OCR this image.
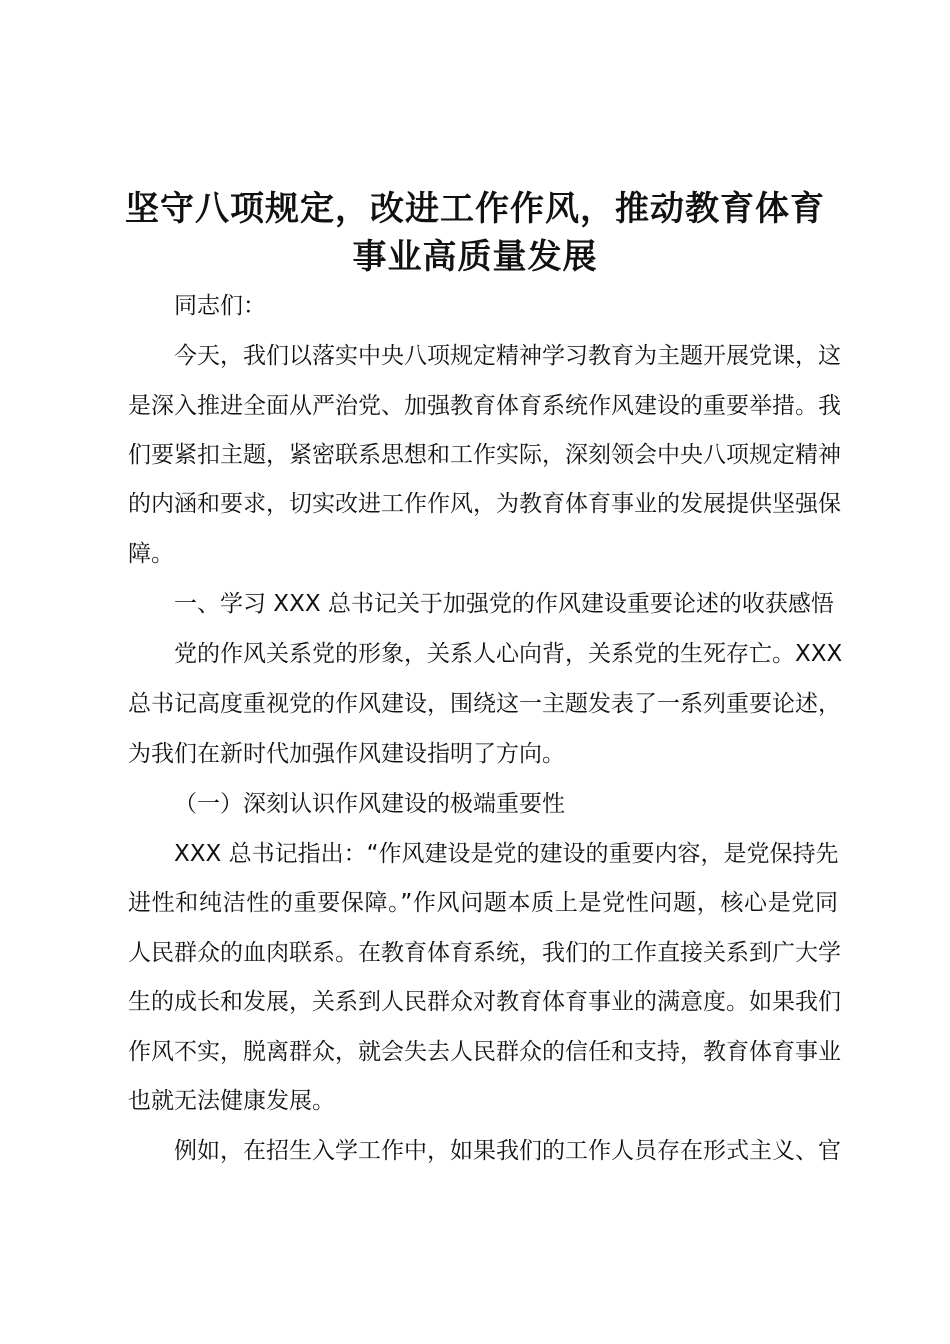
坚守八项规定，改进工作作风，推动教育体育
事业高质量发展
同志们：
今天，我们以落实中央八项规定精神学习教育为主题开展党课，这
是深入推进全面从严治党、加强教育体育系统作风建设的重要举措。我
们要紧扣主题，紧密联系思想和工作实际，深刻领会中央八项规定精神
的内涵和要求，切实改进工作作风，为教育体育事业的发展提供坚强保
障。
一、学习 XXX 总书记关于加强党的作风建设重要论述的收获感悟
党的作风关系党的形象，关系人心向背，关系党的生死存亡。XXX
总书记高度重视党的作风建设，围绕这一主题发表了一系列重要论述，
为我们在新时代加强作风建设指明了方向。
（一）深刻认识作风建设的极端重要性
XXX 总书记指出：“作风建设是党的建设的重要内容，是党保持先
进性和纯洁性的重要保障。”作风问题本质上是党性问题，核心是党同
人民群众的血肉联系。在教育体育系统，我们的工作直接关系到广大学
生的成长和发展，关系到人民群众对教育体育事业的满意度。如果我们
作风不实，脱离群众，就会失去人民群众的信任和支持，教育体育事业
也就无法健康发展。
例如，在招生入学工作中，如果我们的工作人员存在形式主义、官
